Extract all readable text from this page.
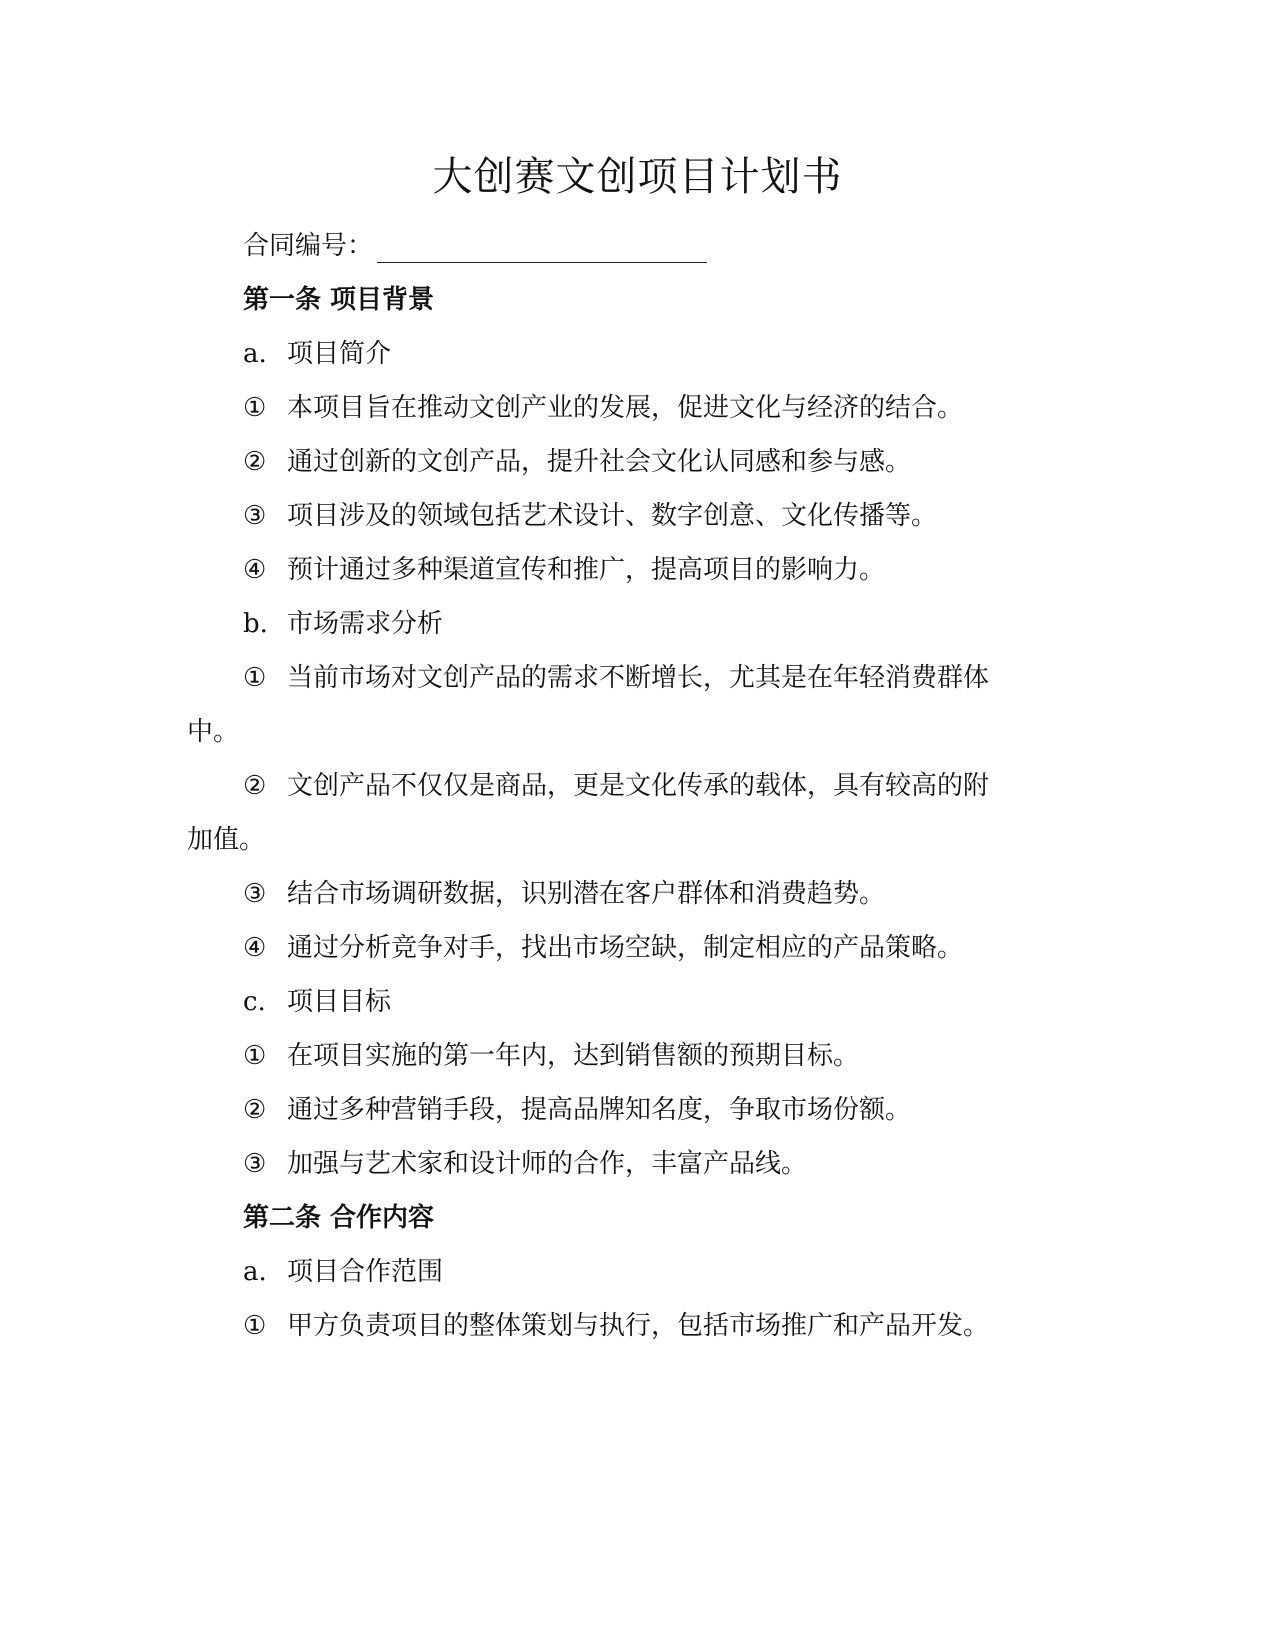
大创赛文创项目计划书

合同编号：

第一条 项目背景

a. 项目简介

① 本项目旨在推动文创产业的发展，促进文化与经济的结合。

② 通过创新的文创产品，提升社会文化认同感和参与感。

③ 项目涉及的领域包括艺术设计、数字创意、文化传播等。

④ 预计通过多种渠道宣传和推广，提高项目的影响力。

b. 市场需求分析

① 当前市场对文创产品的需求不断增长，尤其是在年轻消费群体

中。

② 文创产品不仅仅是商品，更是文化传承的载体，具有较高的附

加值。

③ 结合市场调研数据，识别潜在客户群体和消费趋势。

④ 通过分析竞争对手，找出市场空缺，制定相应的产品策略。

c. 项目目标

① 在项目实施的第一年内，达到销售额的预期目标。

② 通过多种营销手段，提高品牌知名度，争取市场份额。

③ 加强与艺术家和设计师的合作，丰富产品线。

第二条 合作内容

a. 项目合作范围

① 甲方负责项目的整体策划与执行，包括市场推广和产品开发。
